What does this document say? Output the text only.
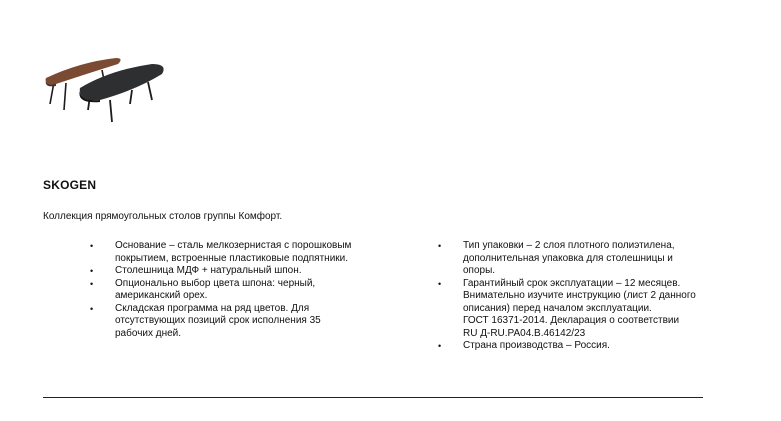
SKOGEN
Коллекция прямоугольных столов группы Комфорт.
• Основание – сталь мелкозернистая с порошковым
покрытием, встроенные пластиковые подпятники.
• Столешница МДФ + натуральный шпон.
• Опционально выбор цвета шпона: черный,
американский орех.
• Складская программа на ряд цветов. Для
отсутствующих позиций срок исполнения 35
рабочих дней.
• Тип упаковки – 2 слоя плотного полиэтилена,
дополнительная упаковка для столешницы и
опоры.
• Гарантийный срок эксплуатации – 12 месяцев.
Внимательно изучите инструкцию (лист 2 данного
описания) перед началом эксплуатации.
ГОСТ 16371-2014. Декларация о соответствии
RU Д-RU.PA04.B.46142/23
• Страна производства – Россия.
